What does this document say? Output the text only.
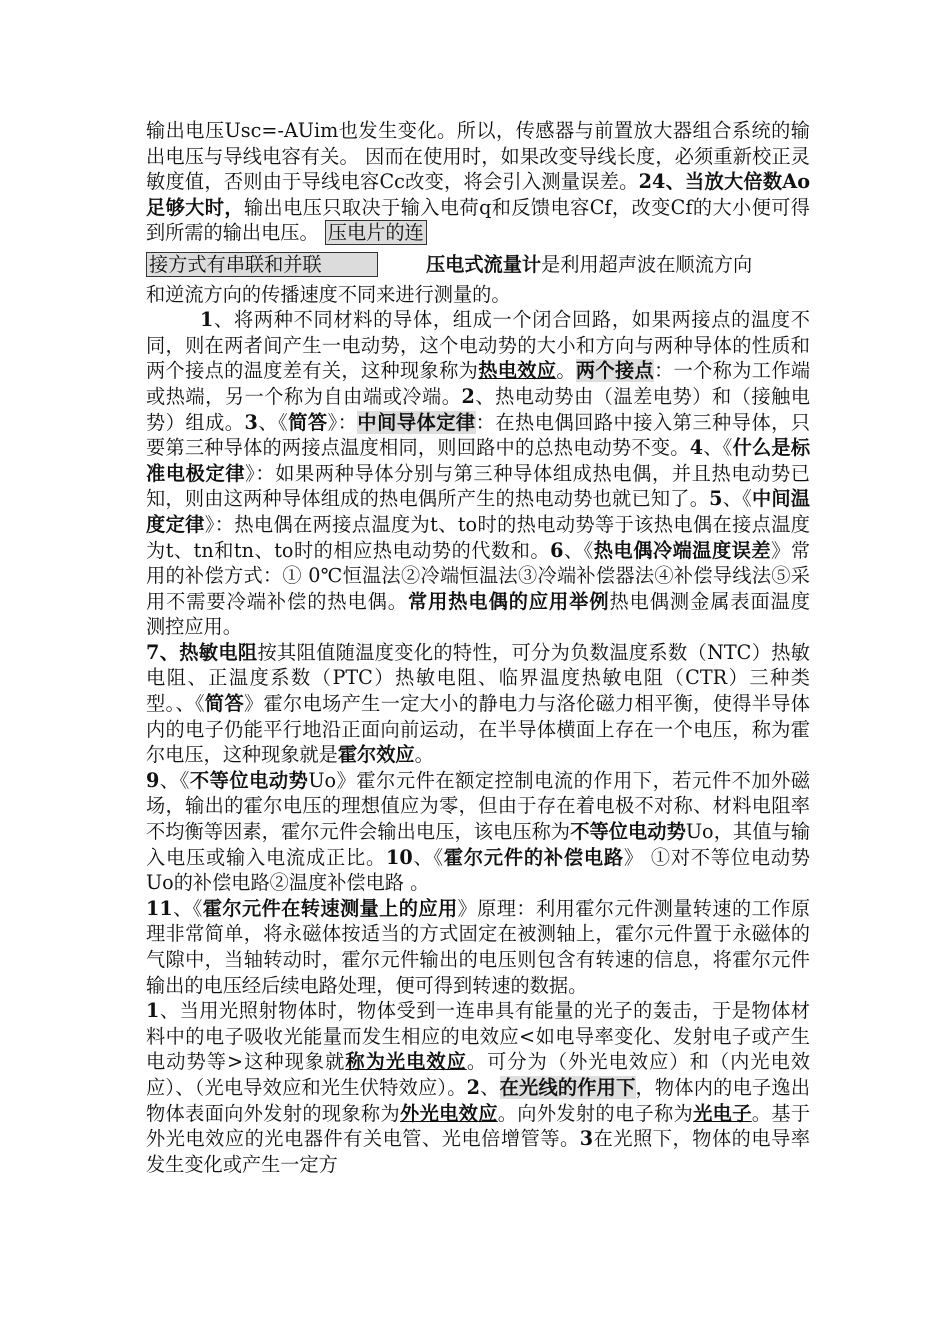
输出电压Usc=-AUim也发生变化。所以，传感器与前置放大器组合系统的输出电压与导线电容有关。 因而在使用时，如果改变导线长度，必须重新校正灵敏度值，否则由于导线电容Cc改变，将会引入测量误差。24、当放大倍数Ao足够大时，输出电压只取决于输入电荷q和反馈电容Cf，改变Cf的大小便可得到所需的输出电压。 压电片的连

接方式有串联和并联	压电式流量计是利用超声波在顺流方向

和逆流方向的传播速度不同来进行测量的。

1、将两种不同材料的导体，组成一个闭合回路，如果两接点的温度不同，则在两者间产生一电动势，这个电动势的大小和方向与两种导体的性质和两个接点的温度差有关，这种现象称为热电效应。两个接点：一个称为工作端或热端，另一个称为自由端或冷端。2、热电动势由（温差电势）和（接触电势）组成。3、《简答》：中间导体定律：在热电偶回路中接入第三种导体，只要第三种导体的两接点温度相同，则回路中的总热电动势不变。4、《什么是标准电极定律》：如果两种导体分别与第三种导体组成热电偶，并且热电动势已知，则由这两种导体组成的热电偶所产生的热电动势也就已知了。5、《中间温度定律》：热电偶在两接点温度为t、to时的热电动势等于该热电偶在接点温度为t、tn和tn、to时的相应热电动势的代数和。6、《热电偶冷端温度误差》常用的补偿方式：① 0℃恒温法②冷端恒温法③冷端补偿器法④补偿导线法⑤采用不需要冷端补偿的热电偶。常用热电偶的应用举例热电偶测金属表面温度　测控应用。

7、热敏电阻按其阻值随温度变化的特性，可分为负数温度系数（NTC）热敏电阻、正温度系数（PTC）热敏电阻、临界温度热敏电阻（CTR）三种类型。、《简答》霍尔电场产生一定大小的静电力与洛伦磁力相平衡，使得半导体内的电子仍能平行地沿正面向前运动，在半导体横面上存在一个电压，称为霍尔电压，这种现象就是霍尔效应。

9、《不等位电动势Uo》霍尔元件在额定控制电流的作用下，若元件不加外磁场，输出的霍尔电压的理想值应为零，但由于存在着电极不对称、材料电阻率不均衡等因素，霍尔元件会输出电压，该电压称为不等位电动势Uo，其值与输入电压或输入电流成正比。10、《霍尔元件的补偿电路》 ①对不等位电动势Uo的补偿电路②温度补偿电路 。

11、《霍尔元件在转速测量上的应用》原理：利用霍尔元件测量转速的工作原理非常简单，将永磁体按适当的方式固定在被测轴上，霍尔元件置于永磁体的气隙中，当轴转动时，霍尔元件输出的电压则包含有转速的信息，将霍尔元件输出的电压经后续电路处理，便可得到转速的数据。

1、当用光照射物体时，物体受到一连串具有能量的光子的轰击，于是物体材料中的电子吸收光能量而发生相应的电效应<如电导率变化、发射电子或产生电动势等>这种现象就称为光电效应。可分为（外光电效应）和（内光电效应）、（光电导效应和光生伏特效应）。2、在光线的作用下，物体内的电子逸出物体表面向外发射的现象称为外光电效应。向外发射的电子称为光电子。基于外光电效应的光电器件有关电管、光电倍增管等。3在光照下，物体的电导率发生变化或产生一定方
